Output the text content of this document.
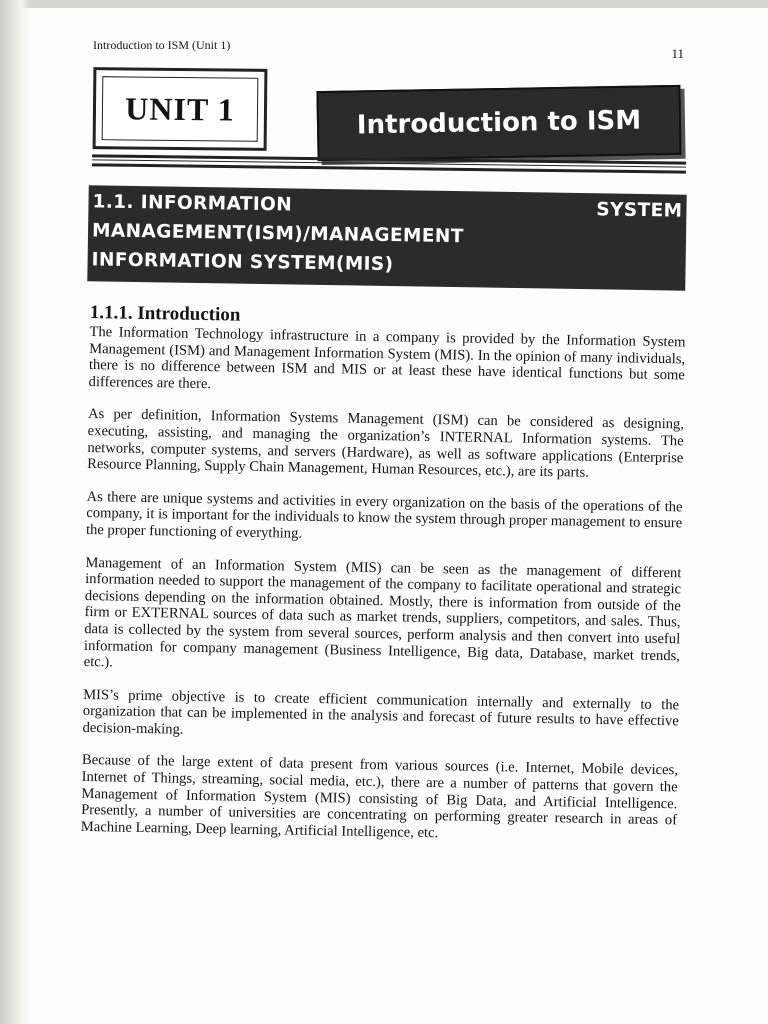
Introduction to ISM (Unit 1)
11
UNIT 1	Introduction to ISM
1.1. INFORMATION	SYSTEM
MANAGEMENT(ISM)/MANAGEMENT
INFORMATION SYSTEM(MIS)
1.1.1. Introduction

The Information Technology infrastructure in a company is provided by the Information System Management (ISM) and Management Information System (MIS). In the opinion of many individuals, there is no difference between ISM and MIS or at least these have identical functions but some differences are there.

As per definition, Information Systems Management (ISM) can be considered as designing, executing, assisting, and managing the organization’s INTERNAL Information systems. The networks, computer systems, and servers (Hardware), as well as software applications (Enterprise Resource Planning, Supply Chain Management, Human Resources, etc.), are its parts.

As there are unique systems and activities in every organization on the basis of the operations of the company, it is important for the individuals to know the system through proper management to ensure the proper functioning of everything.

Management of an Information System (MIS) can be seen as the management of different information needed to support the management of the company to facilitate operational and strategic decisions depending on the information obtained. Mostly, there is information from outside of the firm or EXTERNAL sources of data such as market trends, suppliers, competitors, and sales. Thus, data is collected by the system from several sources, perform analysis and then convert into useful information for company management (Business Intelligence, Big data, Database, market trends, etc.).

MIS’s prime objective is to create efficient communication internally and externally to the organization that can be implemented in the analysis and forecast of future results to have effective decision-making.

Because of the large extent of data present from various sources (i.e. Internet, Mobile devices, Internet of Things, streaming, social media, etc.), there are a number of patterns that govern the Management of Information System (MIS) consisting of Big Data, and Artificial Intelligence. Presently, a number of universities are concentrating on performing greater research in areas of Machine Learning, Deep learning, Artificial Intelligence, etc.
